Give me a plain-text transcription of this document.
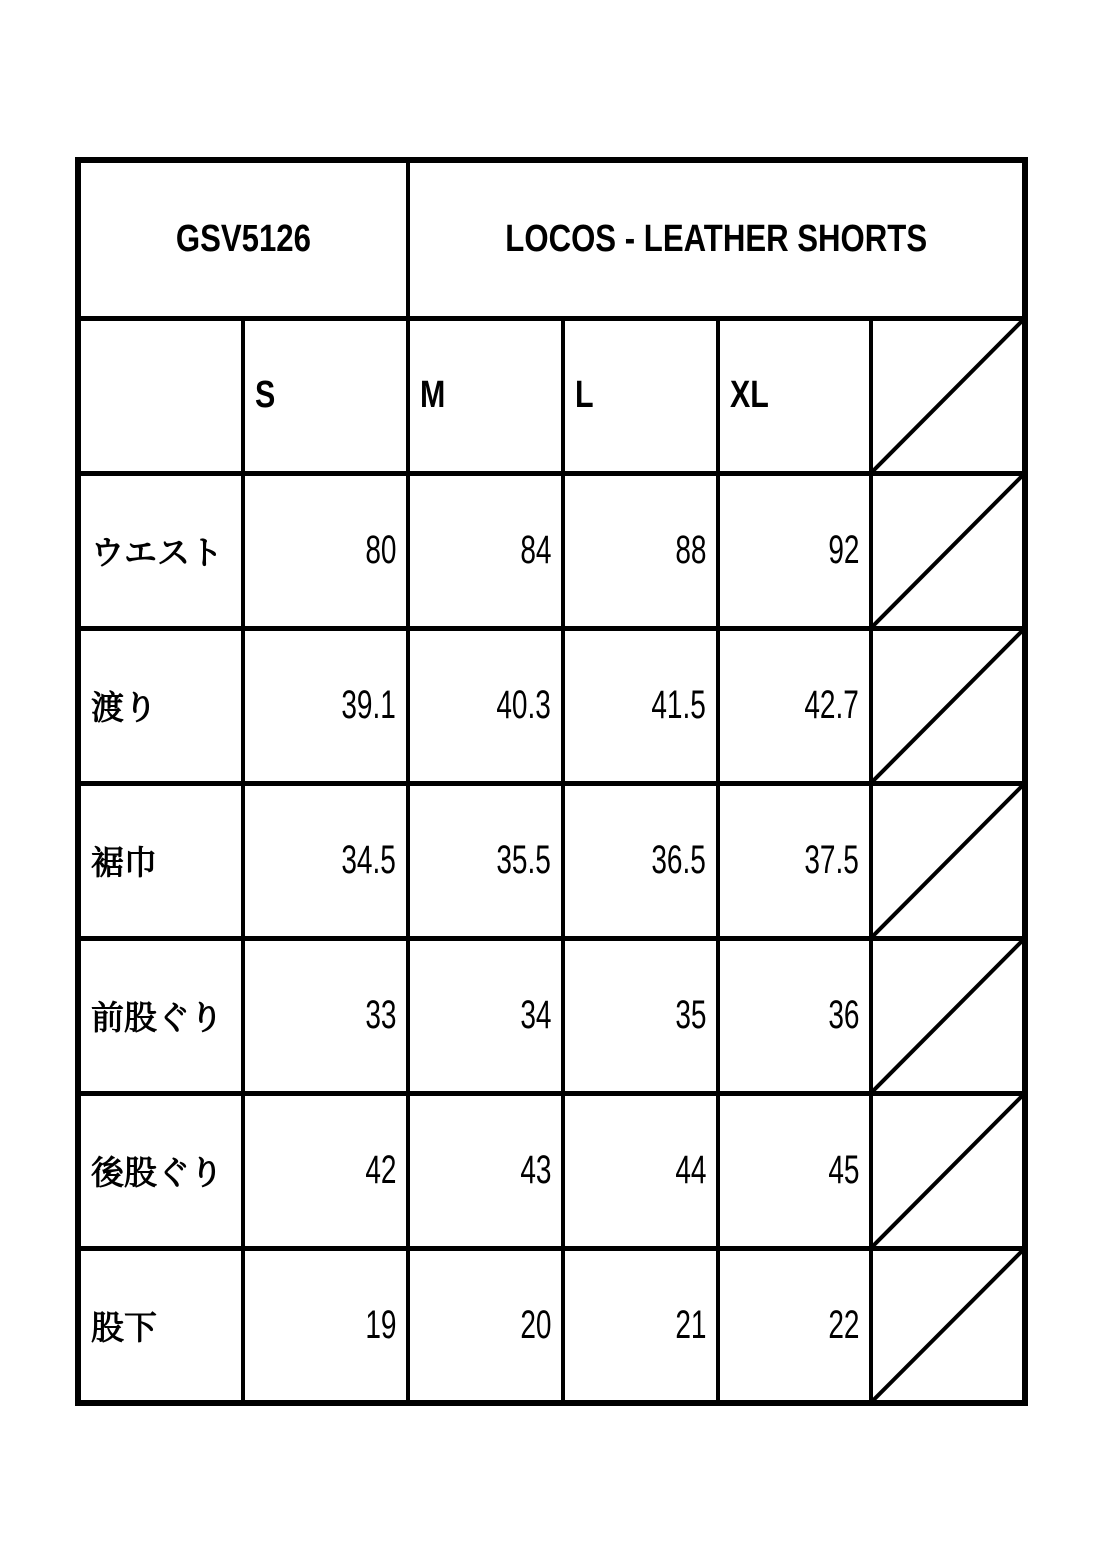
GSV5126		LOCOS - LEATHER SHORTS			
	S	M	L	XL	

ウエスト	80	84	88	92	

渡り	39.1	40.3	41.5	42.7	

裾巾	34.5	35.5	36.5	37.5	

前股ぐり	33	34	35	36	

後股ぐり	42	43	44	45	

股下	19	20	21	22	
